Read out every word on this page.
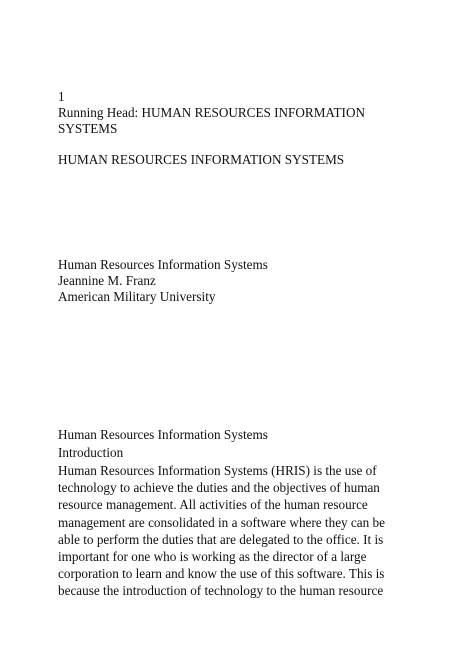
1
Running Head: HUMAN RESOURCES INFORMATION
SYSTEMS
HUMAN RESOURCES INFORMATION SYSTEMS
Human Resources Information Systems
Jeannine M. Franz
American Military University
Human Resources Information Systems
Introduction
Human Resources Information Systems (HRIS) is the use of
technology to achieve the duties and the objectives of human
resource management. All activities of the human resource
management are consolidated in a software where they can be
able to perform the duties that are delegated to the office. It is
important for one who is working as the director of a large
corporation to learn and know the use of this software. This is
because the introduction of technology to the human resource
